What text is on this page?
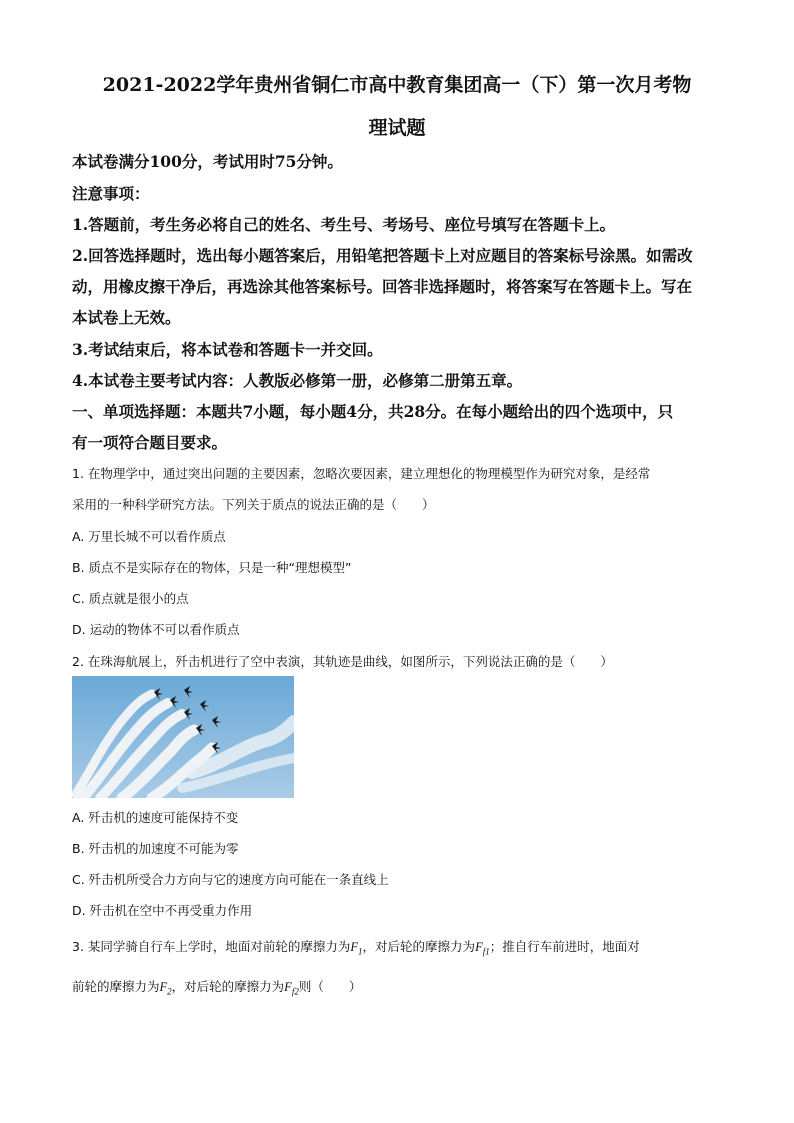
2021-2022学年贵州省铜仁市高中教育集团高一（下）第一次月考物
理试题
本试卷满分100分，考试用时75分钟。
注意事项：
1.答题前，考生务必将自己的姓名、考生号、考场号、座位号填写在答题卡上。
2.回答选择题时，选出每小题答案后，用铅笔把答题卡上对应题目的答案标号涂黑。如需改
动，用橡皮擦干净后，再选涂其他答案标号。回答非选择题时，将答案写在答题卡上。写在
本试卷上无效。
3.考试结束后，将本试卷和答题卡一并交回。
4.本试卷主要考试内容：人教版必修第一册，必修第二册第五章。
一、单项选择题：本题共7小题，每小题4分，共28分。在每小题给出的四个选项中，只
有一项符合题目要求。
1. 在物理学中，通过突出问题的主要因素，忽略次要因素，建立理想化的物理模型作为研究对象，是经常
采用的一种科学研究方法。下列关于质点的说法正确的是（　　）
A. 万里长城不可以看作质点
B. 质点不是实际存在的物体，只是一种“理想模型”
C. 质点就是很小的点
D. 运动的物体不可以看作质点
2. 在珠海航展上，歼击机进行了空中表演，其轨迹是曲线，如图所示，下列说法正确的是（　　）
A. 歼击机的速度可能保持不变
B. 歼击机的加速度不可能为零
C. 歼击机所受合力方向与它的速度方向可能在一条直线上
D. 歼击机在空中不再受重力作用
3. 某同学骑自行车上学时，地面对前轮的摩擦力为$F_1$，对后轮的摩擦力为$F_{f1}$；推自行车前进时，地面对
前轮的摩擦力为$F_2$，对后轮的摩擦力为$F_{f2}$则（　　）
